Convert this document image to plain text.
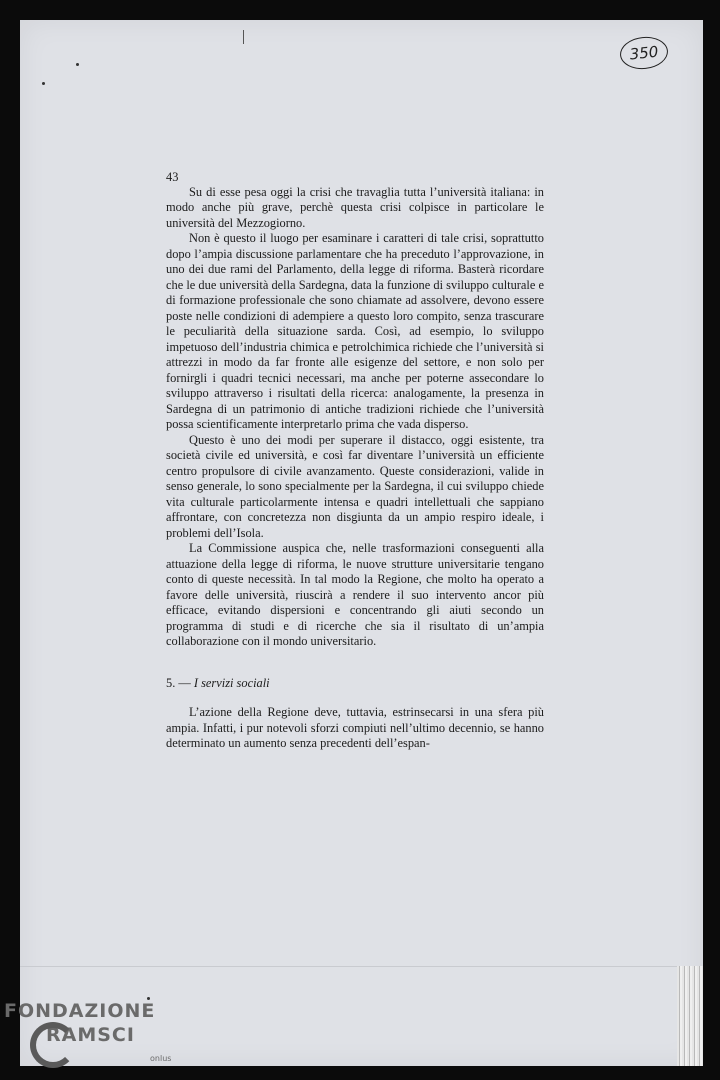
350
43

Su di esse pesa oggi la crisi che travaglia tutta l’università italiana: in modo anche più grave, perchè questa crisi colpisce in particolare le università del Mezzogiorno.

Non è questo il luogo per esaminare i caratteri di tale crisi, soprattutto dopo l’ampia discussione parlamentare che ha preceduto l’approvazione, in uno dei due rami del Parlamento, della legge di riforma. Basterà ricordare che le due università della Sardegna, data la funzione di sviluppo culturale e di formazione professionale che sono chiamate ad assolvere, devono essere poste nelle condizioni di adempiere a questo loro compito, senza trascurare le peculiarità della situazione sarda. Così, ad esempio, lo sviluppo impetuoso dell’industria chimica e petrolchimica richiede che l’università si attrezzi in modo da far fronte alle esigenze del settore, e non solo per fornirgli i quadri tecnici necessari, ma anche per poterne assecondare lo sviluppo attraverso i risultati della ricerca: analogamente, la presenza in Sardegna di un patrimonio di antiche tradizioni richiede che l’università possa scientificamente interpretarlo prima che vada disperso.

Questo è uno dei modi per superare il distacco, oggi esistente, tra società civile ed università, e così far diventare l’università un efficiente centro propulsore di civile avanzamento. Queste considerazioni, valide in senso generale, lo sono specialmente per la Sardegna, il cui sviluppo chiede vita culturale particolarmente intensa e quadri intellettuali che sappiano affrontare, con concretezza non disgiunta da un ampio respiro ideale, i problemi dell’Isola.

La Commissione auspica che, nelle trasformazioni conseguenti alla attuazione della legge di riforma, le nuove strutture universitarie tengano conto di queste necessità. In tal modo la Regione, che molto ha operato a favore delle università, riuscirà a rendere il suo intervento ancor più efficace, evitando dispersioni e concentrando gli aiuti secondo un programma di studi e di ricerche che sia il risultato di un’ampia collaborazione con il mondo universitario.

5. — I servizi sociali

L’azione della Regione deve, tuttavia, estrinsecarsi in una sfera più ampia. Infatti, i pur notevoli sforzi compiuti nell’ultimo decennio, se hanno determinato un aumento senza precedenti dell’espan-

FONDAZIONE
RAMSCI
onlus
